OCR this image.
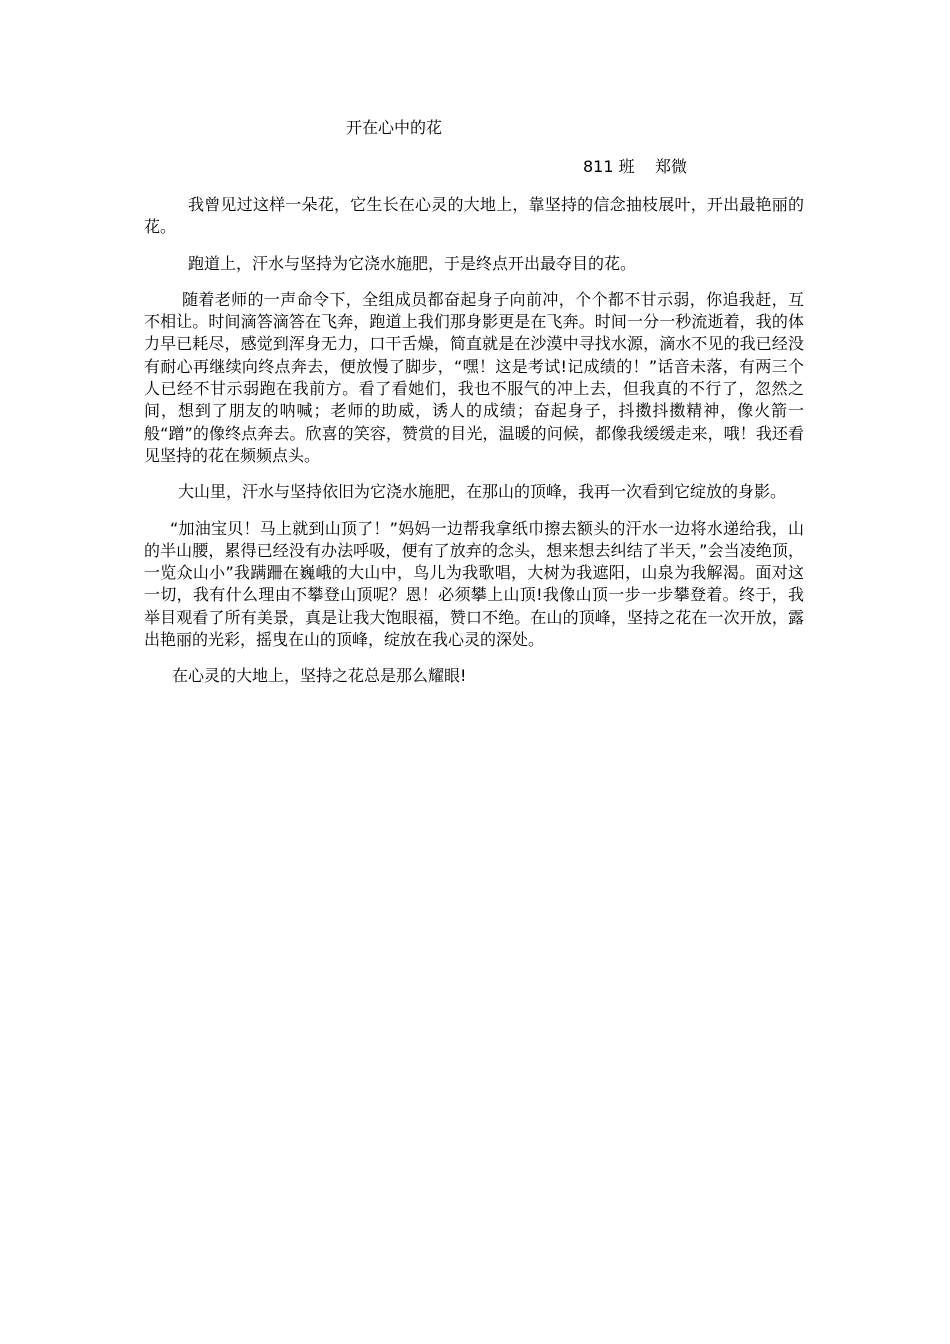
开在心中的花
811 班    郑微

我曾见过这样一朵花，它生长在心灵的大地上，靠坚持的信念抽枝展叶，开出最艳丽的花。

跑道上，汗水与坚持为它浇水施肥，于是终点开出最夺目的花。

随着老师的一声命令下，全组成员都奋起身子向前冲，个个都不甘示弱，你追我赶，互不相让。时间滴答滴答在飞奔，跑道上我们那身影更是在飞奔。时间一分一秒流逝着，我的体力早已耗尽，感觉到浑身无力，口干舌燥，简直就是在沙漠中寻找水源，滴水不见的我已经没有耐心再继续向终点奔去，便放慢了脚步，“嘿！这是考试!记成绩的！”话音未落，有两三个人已经不甘示弱跑在我前方。看了看她们，我也不服气的冲上去，但我真的不行了，忽然之间，想到了朋友的呐喊；老师的助威，诱人的成绩；奋起身子，抖擞抖擞精神，像火箭一般“蹭”的像终点奔去。欣喜的笑容，赞赏的目光，温暖的问候，都像我缓缓走来，哦！我还看见坚持的花在频频点头。

大山里，汗水与坚持依旧为它浇水施肥，在那山的顶峰，我再一次看到它绽放的身影。

“加油宝贝！马上就到山顶了！”妈妈一边帮我拿纸巾擦去额头的汗水一边将水递给我，山的半山腰，累得已经没有办法呼吸，便有了放弃的念头，想来想去纠结了半天，”会当凌绝顶，一览众山小”我蹒跚在巍峨的大山中，鸟儿为我歌唱，大树为我遮阳，山泉为我解渴。面对这一切，我有什么理由不攀登山顶呢？恩！必须攀上山顶!我像山顶一步一步攀登着。终于，我举目观看了所有美景，真是让我大饱眼福，赞口不绝。在山的顶峰，坚持之花在一次开放，露出艳丽的光彩，摇曳在山的顶峰，绽放在我心灵的深处。

在心灵的大地上，坚持之花总是那么耀眼!
